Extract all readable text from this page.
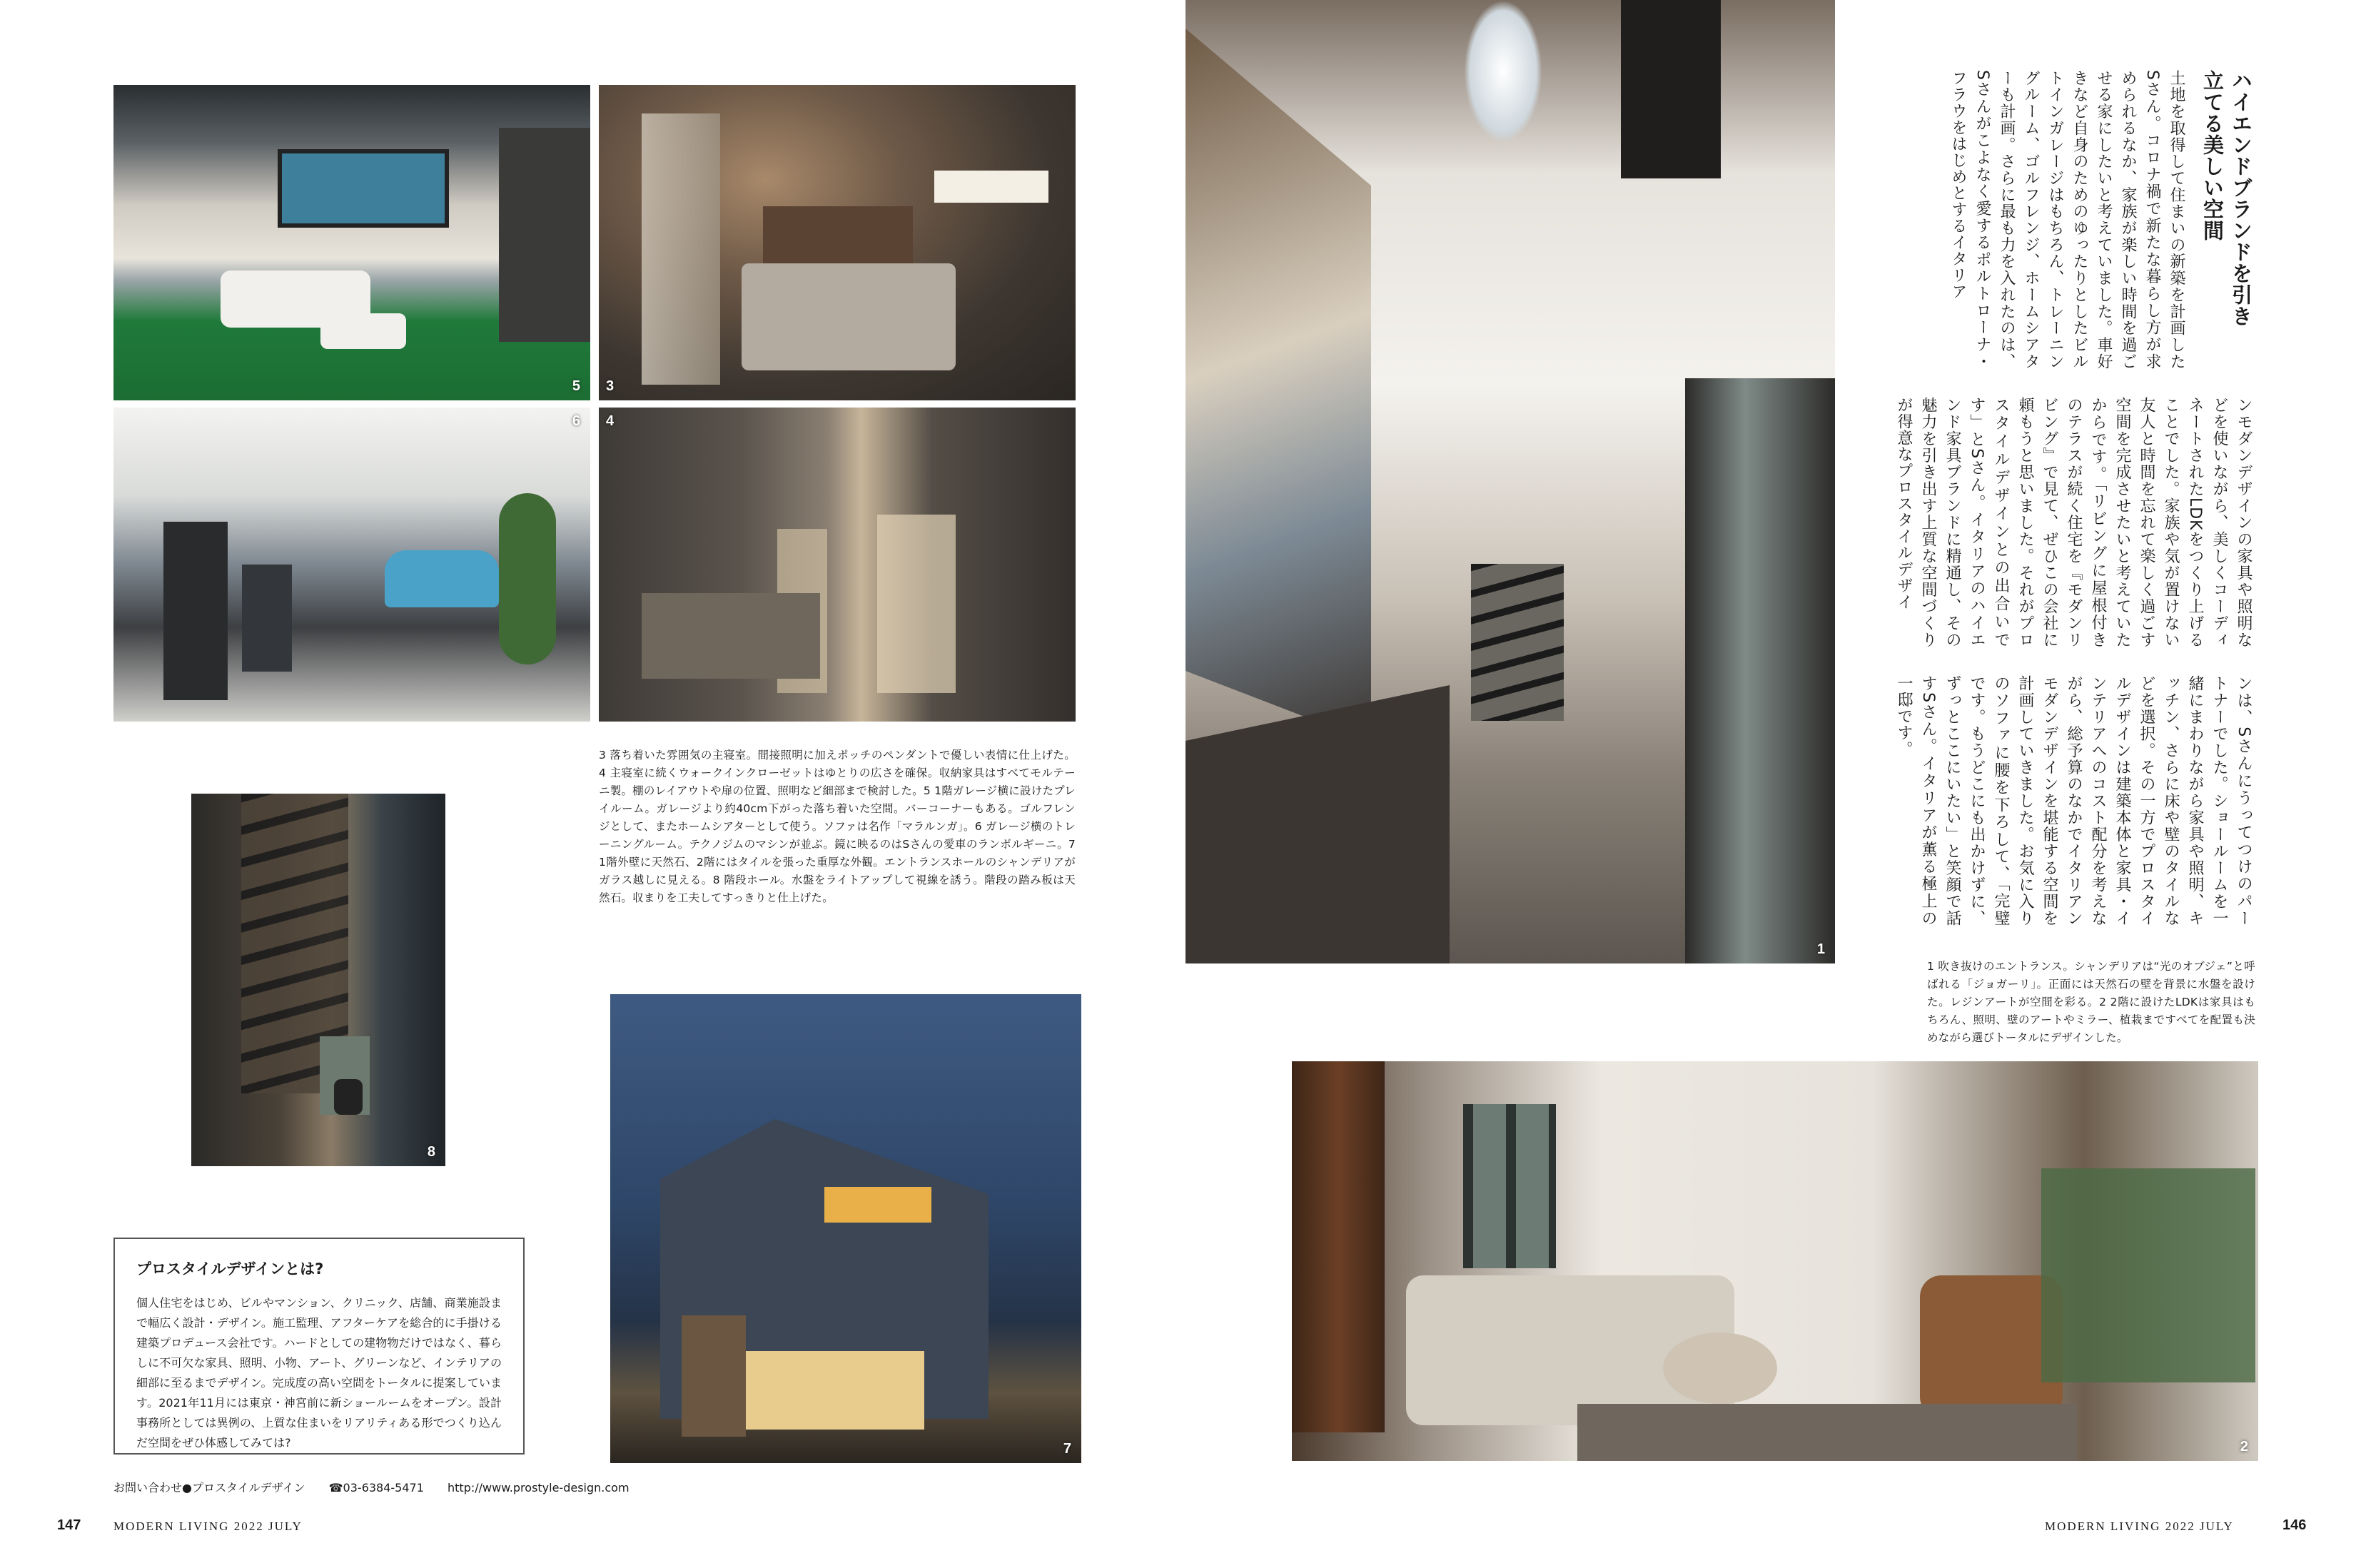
5 3
6 4
3 落ち着いた雰囲気の主寝室。間接照明に加えポッチのペンダントで優しい表情に仕上げた。4 主寝室に続くウォークインクローゼットはゆとりの広さを確保。収納家具はすべてモルテーニ製。棚のレイアウトや扉の位置、照明など細部まで検討した。5 1階ガレージ横に設けたプレイルーム。ガレージより約40cm下がった落ち着いた空間。バーコーナーもある。ゴルフレンジとして、またホームシアターとして使う。ソファは名作「マラルンガ」。6 ガレージ横のトレーニングルーム。テクノジムのマシンが並ぶ。鏡に映るのはSさんの愛車のランボルギーニ。7 1階外壁に天然石、2階にはタイルを張った重厚な外観。エントランスホールのシャンデリアがガラス越しに見える。8 階段ホール。水盤をライトアップして視線を誘う。階段の踏み板は天然石。収まりを工夫してすっきりと仕上げた。
8
7
プロスタイルデザインとは?

個人住宅をはじめ、ビルやマンション、クリニック、店舗、商業施設まで幅広く設計・デザイン。施工監理、アフターケアを総合的に手掛ける建築プロデュース会社です。ハードとしての建物物だけではなく、暮らしに不可欠な家具、照明、小物、アート、グリーンなど、インテリアの細部に至るまでデザイン。完成度の高い空間をトータルに提案しています。2021年11月には東京・神宮前に新ショールームをオープン。設計事務所としては異例の、上質な住まいをリアリティある形でつくり込んだ空間をぜひ体感してみては?

お問い合わせ●プロスタイルデザイン ☎03-6384-5471 http://www.prostyle-design.com
147	MODERN LIVING 2022 JULY
1
ハイエンドブランドを引き立てる美しい空間
土地を取得して住まいの新築を計画したSさん。コロナ禍で新たな暮らし方が求められるなか、家族が楽しい時間を過ごせる家にしたいと考えていました。車好きなど自身のためのゆったりとしたビルトインガレージはもちろん、トレーニングルーム、ゴルフレンジ、ホームシアターも計画。さらに最も力を入れたのは、Sさんがこよなく愛するポルトローナ・フラウをはじめとするイタリア
ンモダンデザインの家具や照明などを使いながら、美しくコーディネートされたLDKをつくり上げることでした。家族や気が置けない友人と時間を忘れて楽しく過ごす空間を完成させたいと考えていたからです。「リビングに屋根付きのテラスが続く住宅を『モダンリビング』で見て、ぜひこの会社に頼もうと思いました。それがプロスタイルデザインとの出合いです」とSさん。イタリアのハイエンド家具ブランドに精通し、その魅力を引き出す上質な空間づくりが得意なプロスタイルデザイ
ンは、Sさんにうってつけのパートナーでした。ショールームを一緒にまわりながら家具や照明、キッチン、さらに床や壁のタイルなどを選択。その一方でプロスタイルデザインは建築本体と家具・インテリアへのコスト配分を考えながら、総予算のなかでイタリアンモダンデザインを堪能する空間を計画していきました。お気に入りのソファに腰を下ろして、「完璧です。もうどこにも出かけずに、ずっとここにいたい」と笑顔で話すSさん。イタリアが薫る極上の一邸です。
1 吹き抜けのエントランス。シャンデリアは“光のオブジェ”と呼ばれる「ジョガーリ」。正面には天然石の壁を背景に水盤を設けた。レジンアートが空間を彩る。2 2階に設けたLDKは家具はもちろん、照明、壁のアートやミラー、植栽まですべてを配置も決めながら選びトータルにデザインした。
2
MODERN LIVING 2022 JULY	146
